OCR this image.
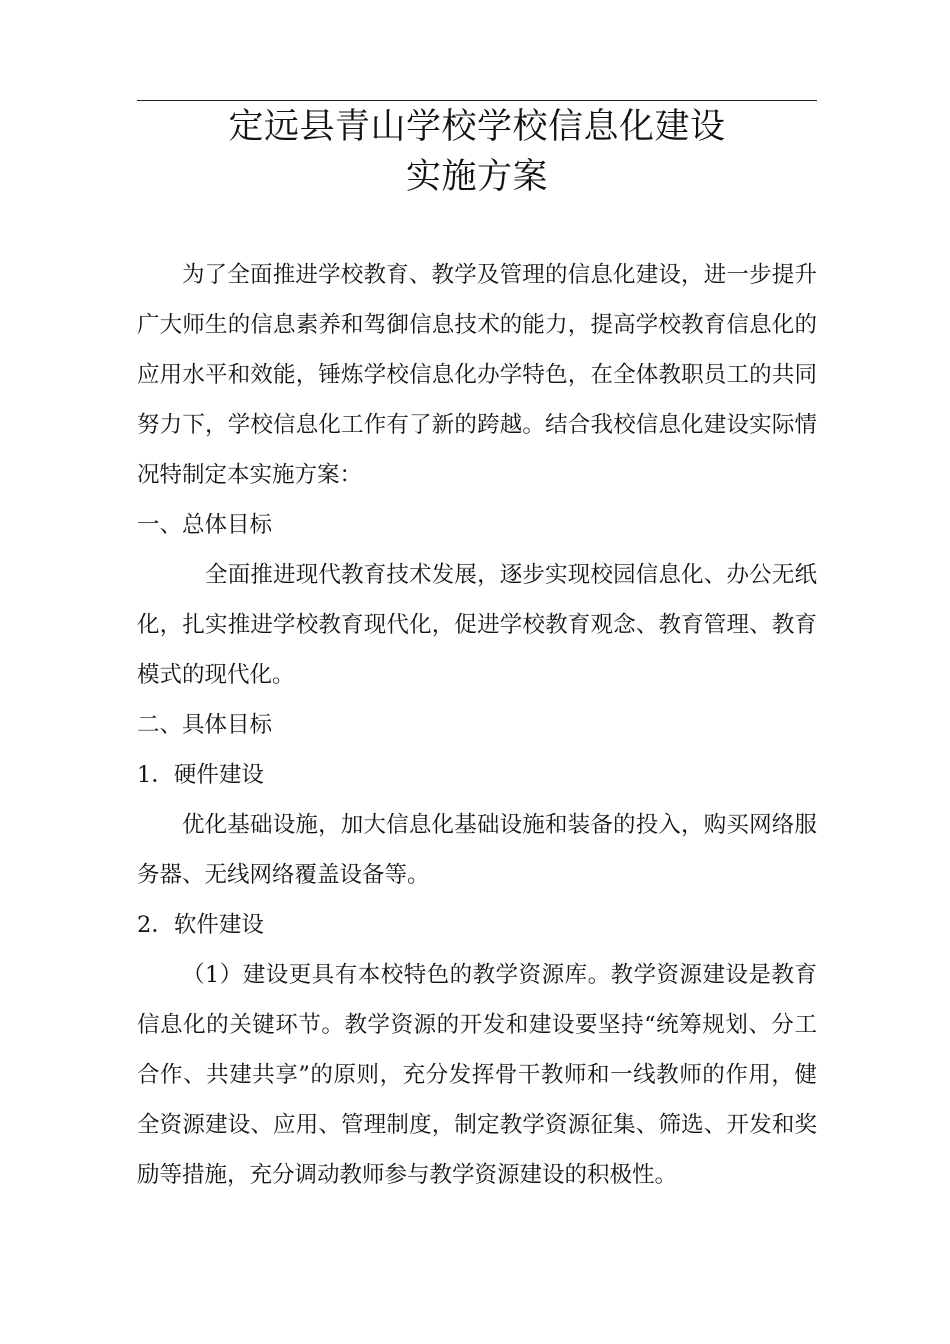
定远县青山学校学校信息化建设
实施方案

为了全面推进学校教育、教学及管理的信息化建设，进一步提升广大师生的信息素养和驾御信息技术的能力，提高学校教育信息化的应用水平和效能，锤炼学校信息化办学特色，在全体教职员工的共同努力下，学校信息化工作有了新的跨越。结合我校信息化建设实际情况特制定本实施方案：

一、总体目标

全面推进现代教育技术发展，逐步实现校园信息化、办公无纸化，扎实推进学校教育现代化，促进学校教育观念、教育管理、教育模式的现代化。

二、具体目标

1．硬件建设

优化基础设施，加大信息化基础设施和装备的投入，购买网络服务器、无线网络覆盖设备等。

2．软件建设

（1）建设更具有本校特色的教学资源库。教学资源建设是教育信息化的关键环节。教学资源的开发和建设要坚持“统筹规划、分工合作、共建共享”的原则，充分发挥骨干教师和一线教师的作用，健全资源建设、应用、管理制度，制定教学资源征集、筛选、开发和奖励等措施，充分调动教师参与教学资源建设的积极性。
